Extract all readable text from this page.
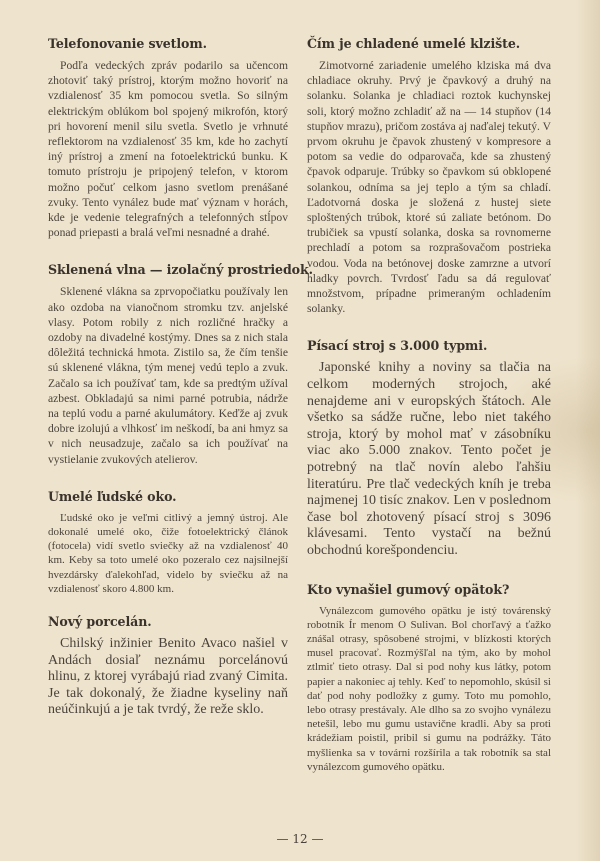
Telefonovanie svetlom.

Podľa vedeckých zpráv podarilo sa učencom zhotoviť taký prístroj, ktorým možno hovoriť na vzdialenosť 35 km pomocou svetla. So silným elektrickým oblúkom bol spojený mikrofón, ktorý pri hovorení menil silu svetla. Svetlo je vrhnuté reflektorom na vzdialenosť 35 km, kde ho zachytí iný prístroj a zmení na fotoelektrickú bunku. K tomuto prístroju je pripojený telefon, v ktorom možno počuť celkom jasno svetlom prenášané zvuky. Tento vynález bude mať význam v horách, kde je vedenie telegrafných a telefonných stĺpov ponad priepasti a bralá veľmi nesnadné a drahé.

Sklenená vlna — izolačný prostriedok.

Sklenené vlákna sa zprvopočiatku používaly len ako ozdoba na vianočnom stromku tzv. anjelské vlasy. Potom robily z nich rozličné hračky a ozdoby na divadelné kostýmy. Dnes sa z nich stala dôležitá technická hmota. Zistilo sa, že čím tenšie sú sklenené vlákna, tým menej vedú teplo a zvuk. Začalo sa ich používať tam, kde sa predtým užíval azbest. Obkladajú sa nimi parné potrubia, nádrže na teplú vodu a parné akulumátory. Keďže aj zvuk dobre izolujú a vlhkosť im neškodí, ba ani hmyz sa v nich neusadzuje, začalo sa ich používať na vystielanie zvukových atelierov.

Umelé ľudské oko.

Ľudské oko je veľmi citlivý a jemný ústroj. Ale dokonalé umelé oko, čiže fotoelektrický článok (fotocela) vidí svetlo sviečky až na vzdialenosť 40 km. Keby sa toto umelé oko pozeralo cez najsilnejší hvezdársky ďalekohľad, videlo by sviečku až na vzdialenosť skoro 4.800 km.

Nový porcelán.

Chilský inžinier Benito Avaco našiel v Andách dosiaľ neznámu porcelánovú hlinu, z ktorej vyrábajú riad zvaný Cimita. Je tak dokonalý, že žiadne kyseliny naň neúčinkujú a je tak tvrdý, že reže sklo.

Čím je chladené umelé klzište.

Zimotvorné zariadenie umelého klziska má dva chladiace okruhy. Prvý je čpavkový a druhý na solanku. Solanka je chladiaci roztok kuchynskej soli, ktorý možno zchladiť až na — 14 stupňov (14 stupňov mrazu), pričom zostáva aj naďalej tekutý. V prvom okruhu je čpavok zhustený v kompresore a potom sa vedie do odparovača, kde sa zhustený čpavok odparuje. Trúbky so čpavkom sú obklopené solankou, odníma sa jej teplo a tým sa chladí. Ľadotvorná doska je složená z hustej siete sploštených trúbok, ktoré sú zaliate betónom. Do trubičiek sa vpustí solanka, doska sa rovnomerne prechladí a potom sa rozprašovačom postrieka vodou. Voda na betónovej doske zamrzne a utvorí hladky povrch. Tvrdosť ľadu sa dá regulovať množstvom, prípadne primeraným ochladením solanky.

Písací stroj s 3.000 typmi.

Japonské knihy a noviny sa tlačia na celkom moderných strojoch, aké nenajdeme ani v europských štátoch. Ale všetko sa sádže ručne, lebo niet takého stroja, ktorý by mohol mať v zásobníku viac ako 5.000 znakov. Tento počet je potrebný na tlač novín alebo ľahšiu literatúru. Pre tlač vedeckých kníh je treba najmenej 10 tisíc znakov. Len v poslednom čase bol zhotovený písací stroj s 3096 klávesami. Tento vystačí na bežnú obchodnú korešpondenciu.

Kto vynašiel gumový opätok?

Vynálezcom gumového opätku je istý továrenský robotník Ír menom O Sulivan. Bol chorľavý a ťažko znášal otrasy, spôsobené strojmi, v blízkosti ktorých musel pracovať. Rozmýšľal na tým, ako by mohol ztlmiť tieto otrasy. Dal si pod nohy kus látky, potom papier a nakoniec aj tehly. Keď to nepomohlo, skúsil si dať pod nohy podložky z gumy. Toto mu pomohlo, lebo otrasy prestávaly. Ale dlho sa zo svojho vynálezu netešil, lebo mu gumu ustavične kradli. Aby sa proti krádežiam poistil, pribil si gumu na podrážky. Táto myšlienka sa v továrni rozšírila a tak robotník sa stal vynálezcom gumového opätku.

— 12 —
